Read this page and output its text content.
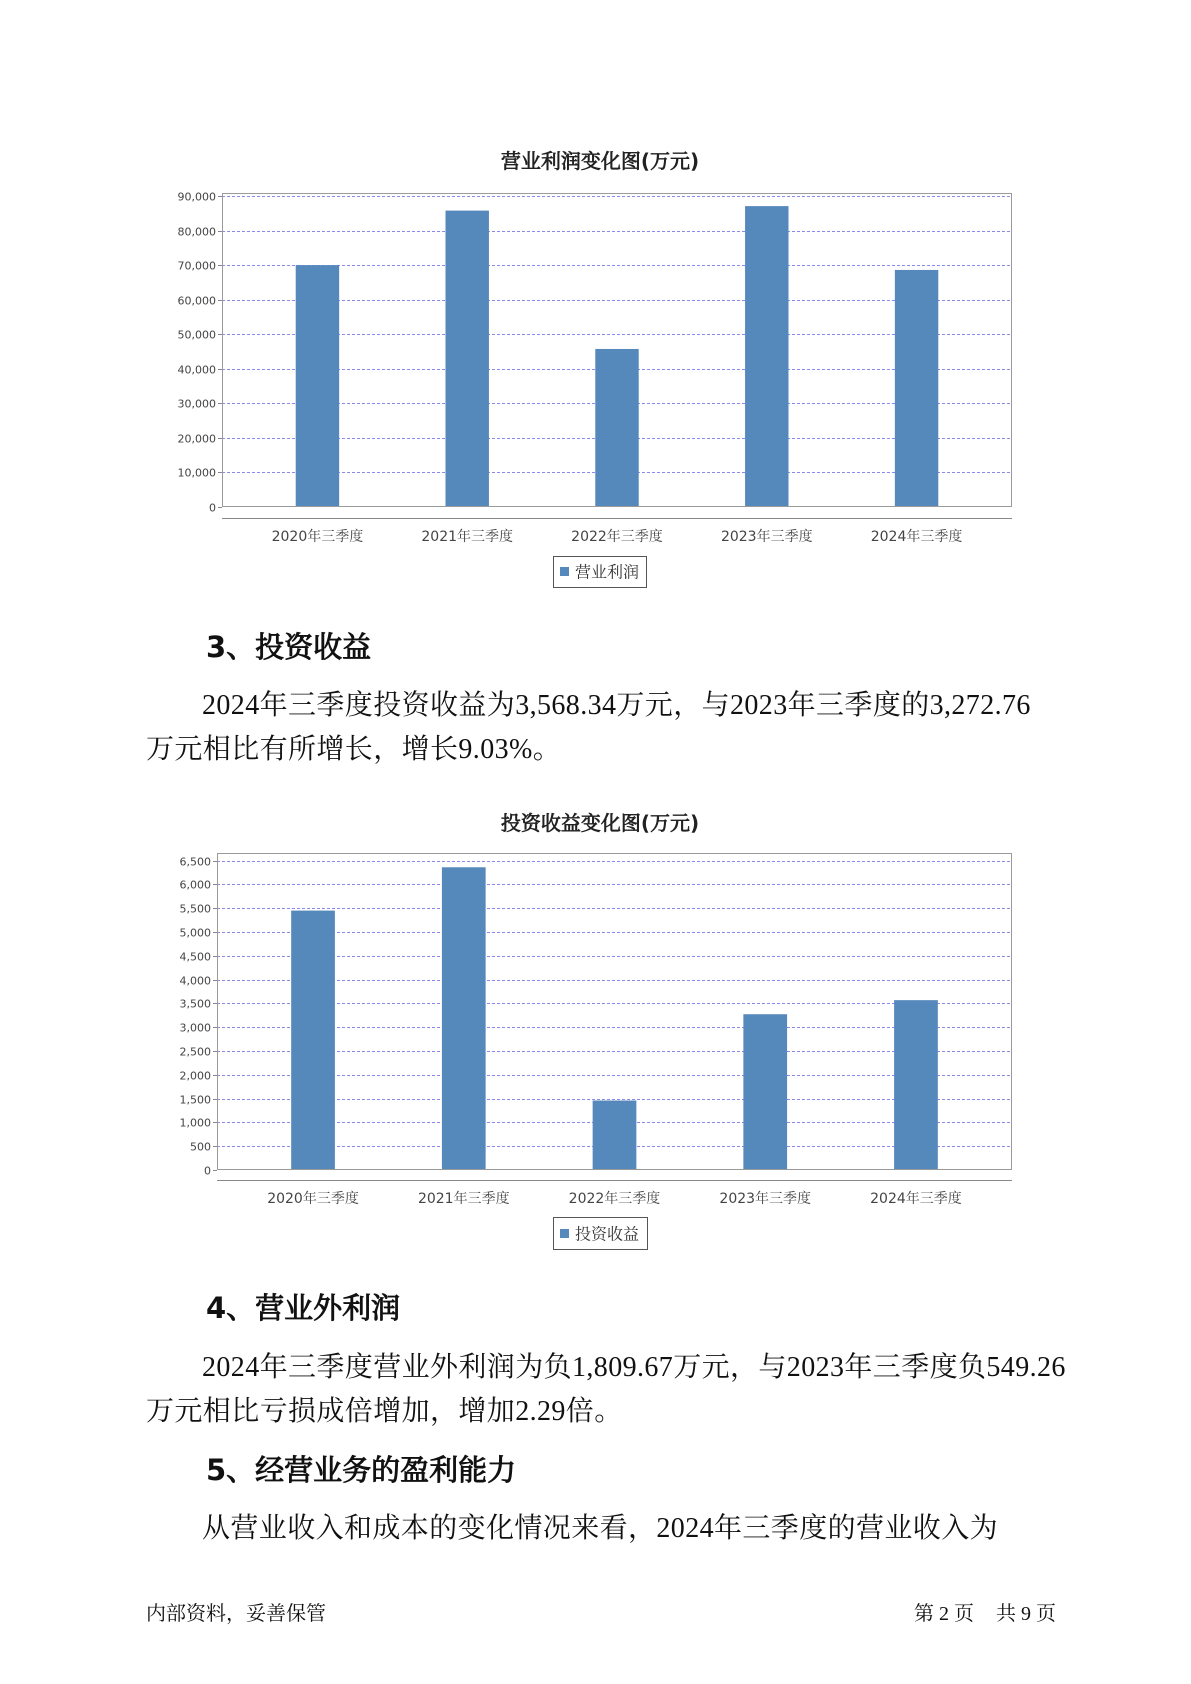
营业利润变化图(万元)
0
10,000
20,000
30,000
40,000
50,000
60,000
70,000
80,000
90,000
2020年三季度	2021年三季度	2022年三季度	2023年三季度	2024年三季度
营业利润
3、投资收益
2024年三季度投资收益为3,568.34万元，与2023年三季度的3,272.76
万元相比有所增长，增长9.03%。
投资收益变化图(万元)
0
500
1,000
1,500
2,000
2,500
3,000
3,500
4,000
4,500
5,000
5,500
6,000
6,500
2020年三季度	2021年三季度	2022年三季度	2023年三季度	2024年三季度
投资收益
4、营业外利润
2024年三季度营业外利润为负1,809.67万元，与2023年三季度负549.26
万元相比亏损成倍增加，增加2.29倍。
5、经营业务的盈利能力
从营业收入和成本的变化情况来看，2024年三季度的营业收入为
内部资料，妥善保管	第 2 页 共 9 页
